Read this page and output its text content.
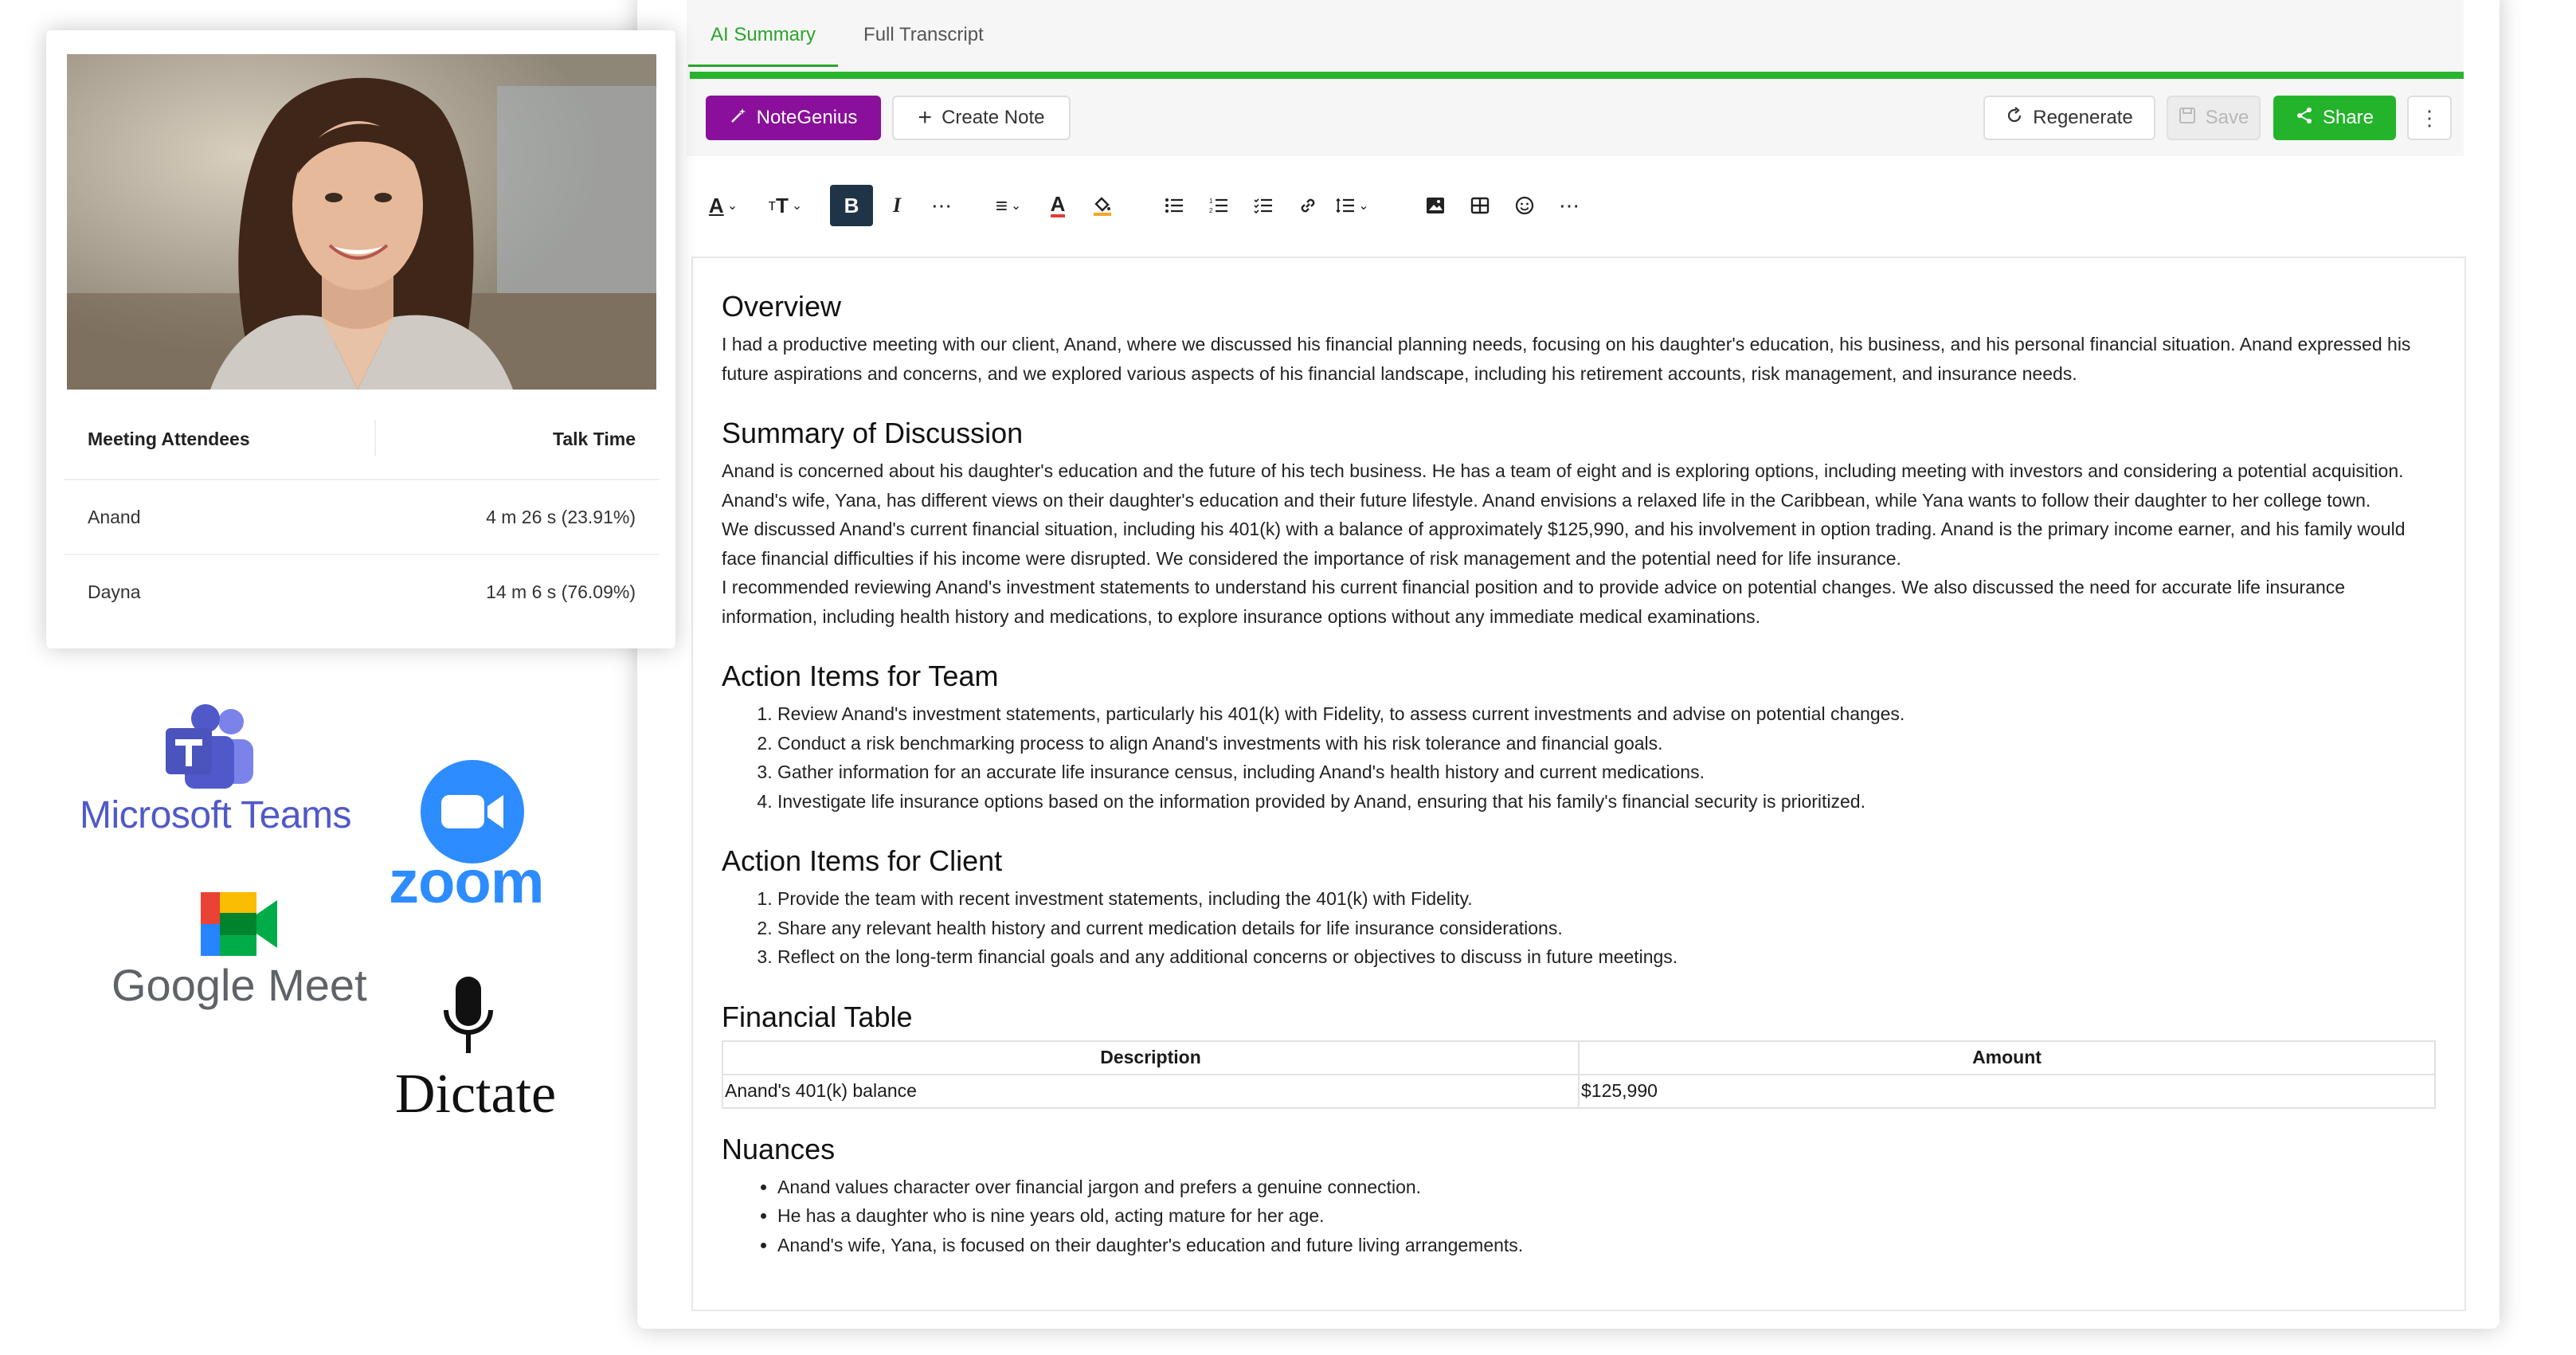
AI Summary	Full Transcript
NoteGenius	+ Create Note	Regenerate	Save	Share ⋮
A ⌄ т T ⌄	B	I	⋯	≡ ⌄ A	1
2	⌄	⋯
Overview

I had a productive meeting with our client, Anand, where we discussed his financial planning needs, focusing on his daughter's education, his business, and his personal financial situation. Anand expressed his future aspirations and concerns, and we explored various aspects of his financial landscape, including his retirement accounts, risk management, and insurance needs.

Summary of Discussion

Anand is concerned about his daughter's education and the future of his tech business. He has a team of eight and is exploring options, including meeting with investors and considering a potential acquisition. Anand's wife, Yana, has different views on their daughter's education and their future lifestyle. Anand envisions a relaxed life in the Caribbean, while Yana wants to follow their daughter to her college town.

We discussed Anand's current financial situation, including his 401(k) with a balance of approximately $125,990, and his involvement in option trading. Anand is the primary income earner, and his family would face financial difficulties if his income were disrupted. We considered the importance of risk management and the potential need for life insurance.

I recommended reviewing Anand's investment statements to understand his current financial position and to provide advice on potential changes. We also discussed the need for accurate life insurance information, including health history and medications, to explore insurance options without any immediate medical examinations.

Action Items for Team
1. Review Anand's investment statements, particularly his 401(k) with Fidelity, to assess current investments and advise on potential changes.
2. Conduct a risk benchmarking process to align Anand's investments with his risk tolerance and financial goals.
3. Gather information for an accurate life insurance census, including Anand's health history and current medications.
4. Investigate life insurance options based on the information provided by Anand, ensuring that his family's financial security is prioritized.
Action Items for Client
1. Provide the team with recent investment statements, including the 401(k) with Fidelity.
2. Share any relevant health history and current medication details for life insurance considerations.
3. Reflect on the long-term financial goals and any additional concerns or objectives to discuss in future meetings.
Financial Table
Description	Amount
Anand's 401(k) balance	$125,990
Nuances
• Anand values character over financial jargon and prefers a genuine connection.
• He has a daughter who is nine years old, acting mature for her age.
• Anand's wife, Yana, is focused on their daughter's education and future living arrangements.
Meeting Attendees	Talk Time
Anand	4 m 26 s (23.91%)
Dayna	14 m 6 s (76.09%)
Microsoft Teams
zoom
Google Meet
Dictate
